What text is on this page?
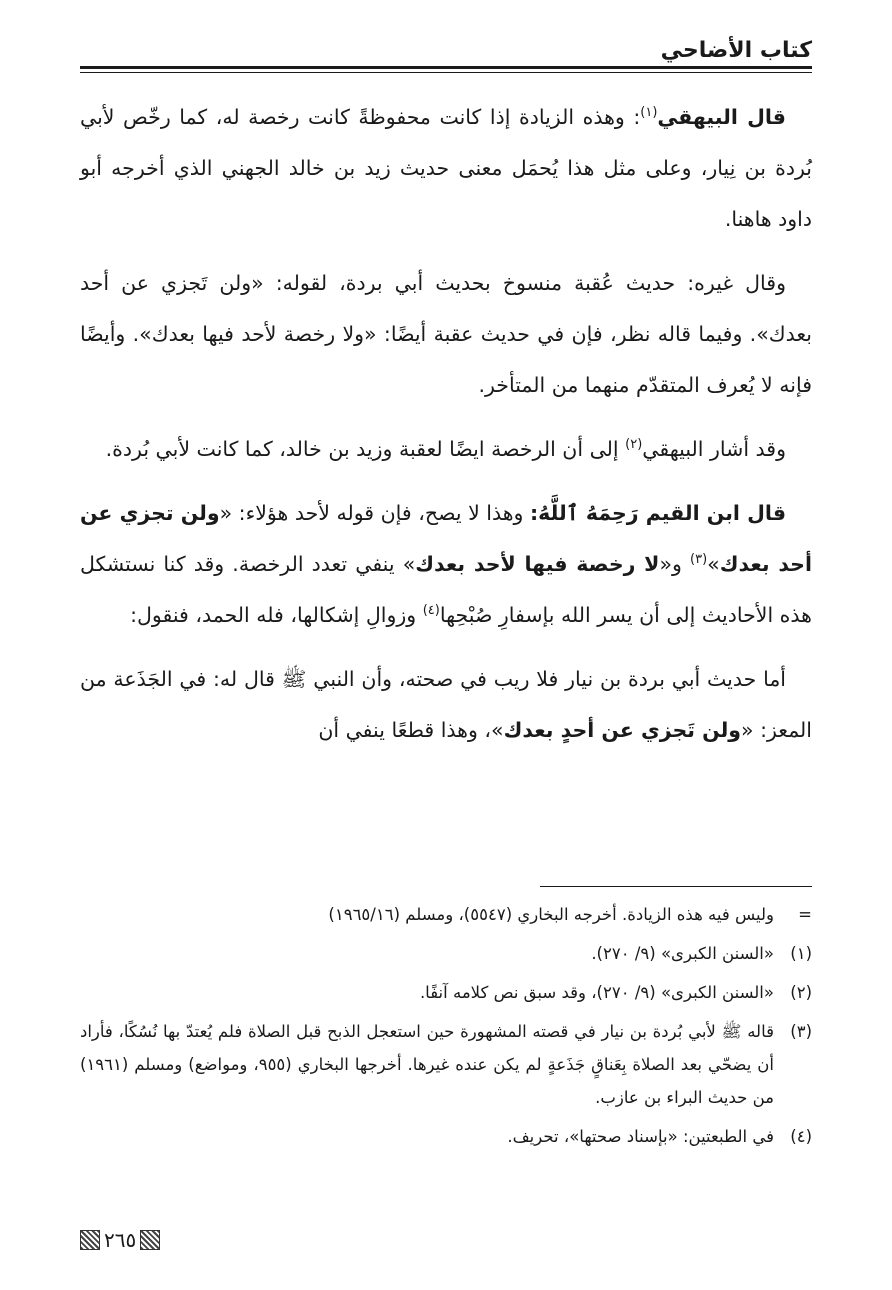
كتاب الأضاحي

قال البيهقي$^{(١)}$: وهذه الزيادة إذا كانت محفوظةً كانت رخصة له، كما رخّص لأبي بُردة بن نِيار، وعلى مثل هذا يُحمَل معنى حديث زيد بن خالد الجهني الذي أخرجه أبو داود هاهنا.

وقال غيره: حديث عُقبة منسوخ بحديث أبي بردة، لقوله: «ولن تَجزي عن أحد بعدك». وفيما قاله نظر، فإن في حديث عقبة أيضًا: «ولا رخصة لأحد فيها بعدك». وأيضًا فإنه لا يُعرف المتقدّم منهما من المتأخر.

وقد أشار البيهقي$^{(٢)}$ إلى أن الرخصة ايضًا لعقبة وزيد بن خالد، كما كانت لأبي بُردة.

قال ابن القيم رَحِمَهُ ٱللَّهُ: وهذا لا يصح، فإن قوله لأحد هؤلاء: «ولن تجزي عن أحد بعدك»$^{(٣)}$ و«لا رخصة فيها لأحد بعدك» ينفي تعدد الرخصة. وقد كنا نستشكل هذه الأحاديث إلى أن يسر الله بإسفارِ صُبْحِها$^{(٤)}$ وزوالِ إشكالها، فله الحمد، فنقول:

أما حديث أبي بردة بن نيار فلا ريب في صحته، وأن النبي ﷺ قال له: في الجَذَعة من المعز: «ولن تَجزي عن أحدٍ بعدك»، وهذا قطعًا ينفي أن

=
وليس فيه هذه الزيادة. أخرجه البخاري (٥٥٤٧)، ومسلم (١٩٦٥/١٦)
(١)
«السنن الكبرى» (٩/ ٢٧٠).
(٢)
«السنن الكبرى» (٩/ ٢٧٠)، وقد سبق نص كلامه آنفًا.
(٣)
قاله ﷺ لأبي بُردة بن نيار في قصته المشهورة حين استعجل الذبح قبل الصلاة فلم يُعتدّ بها نُسُكًا، فأراد أن يضحّي بعد الصلاة بِعَناقٍ جَذَعةٍ لم يكن عنده غيرها. أخرجها البخاري (٩٥٥، ومواضع) ومسلم (١٩٦١) من حديث البراء بن عازب.
(٤)
في الطبعتين: «بإسناد صحتها»، تحريف.
٢٦٥
